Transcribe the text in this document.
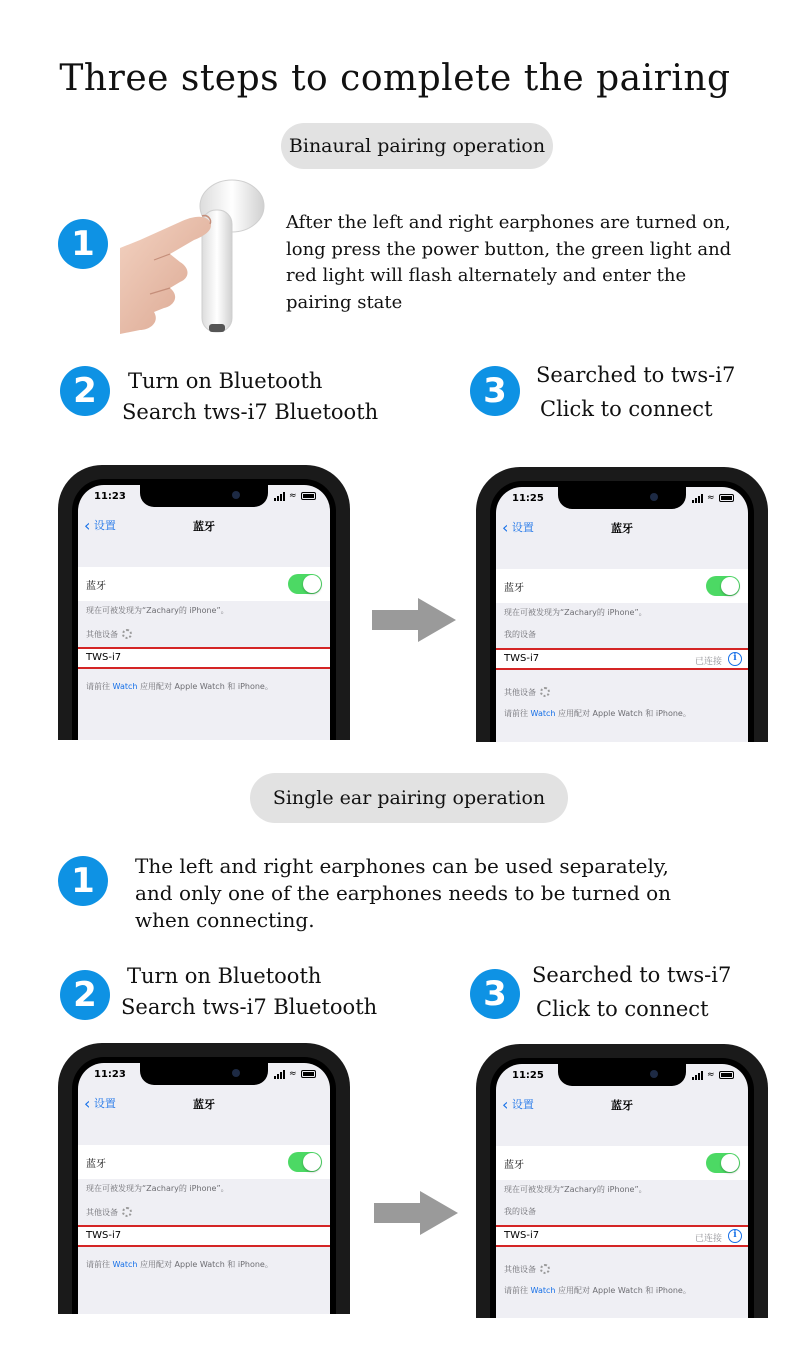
Three steps to complete the pairing
Binaural pairing operation
1
After the left and right earphones are turned on,
long press the power button, the green light and
red light will flash alternately and enter the
pairing state
2	Turn on Bluetooth
Search tws-i7 Bluetooth
3	Searched to tws-i7
Click to connect
11:23	≈
‹ 设置	蓝牙
蓝牙
现在可被发现为“Zachary的 iPhone”。
其他设备
TWS-i7
请前往 Watch 应用配对 Apple Watch 和 iPhone。
11:25	≈
‹ 设置	蓝牙
蓝牙
现在可被发现为“Zachary的 iPhone”。
我的设备
TWS-i7	已连接	i
其他设备
请前往 Watch 应用配对 Apple Watch 和 iPhone。
Single ear pairing operation
1	The left and right earphones can be used separately,
and only one of the earphones needs to be turned on
when connecting.
2	Turn on Bluetooth
Search tws-i7 Bluetooth	3	Searched to tws-i7
Click to connect
11:23	≈
‹ 设置	蓝牙
蓝牙
现在可被发现为“Zachary的 iPhone”。
其他设备
TWS-i7
请前往 Watch 应用配对 Apple Watch 和 iPhone。
11:25	≈
‹ 设置	蓝牙
蓝牙
现在可被发现为“Zachary的 iPhone”。
我的设备
TWS-i7	已连接	i
其他设备
请前往 Watch 应用配对 Apple Watch 和 iPhone。
